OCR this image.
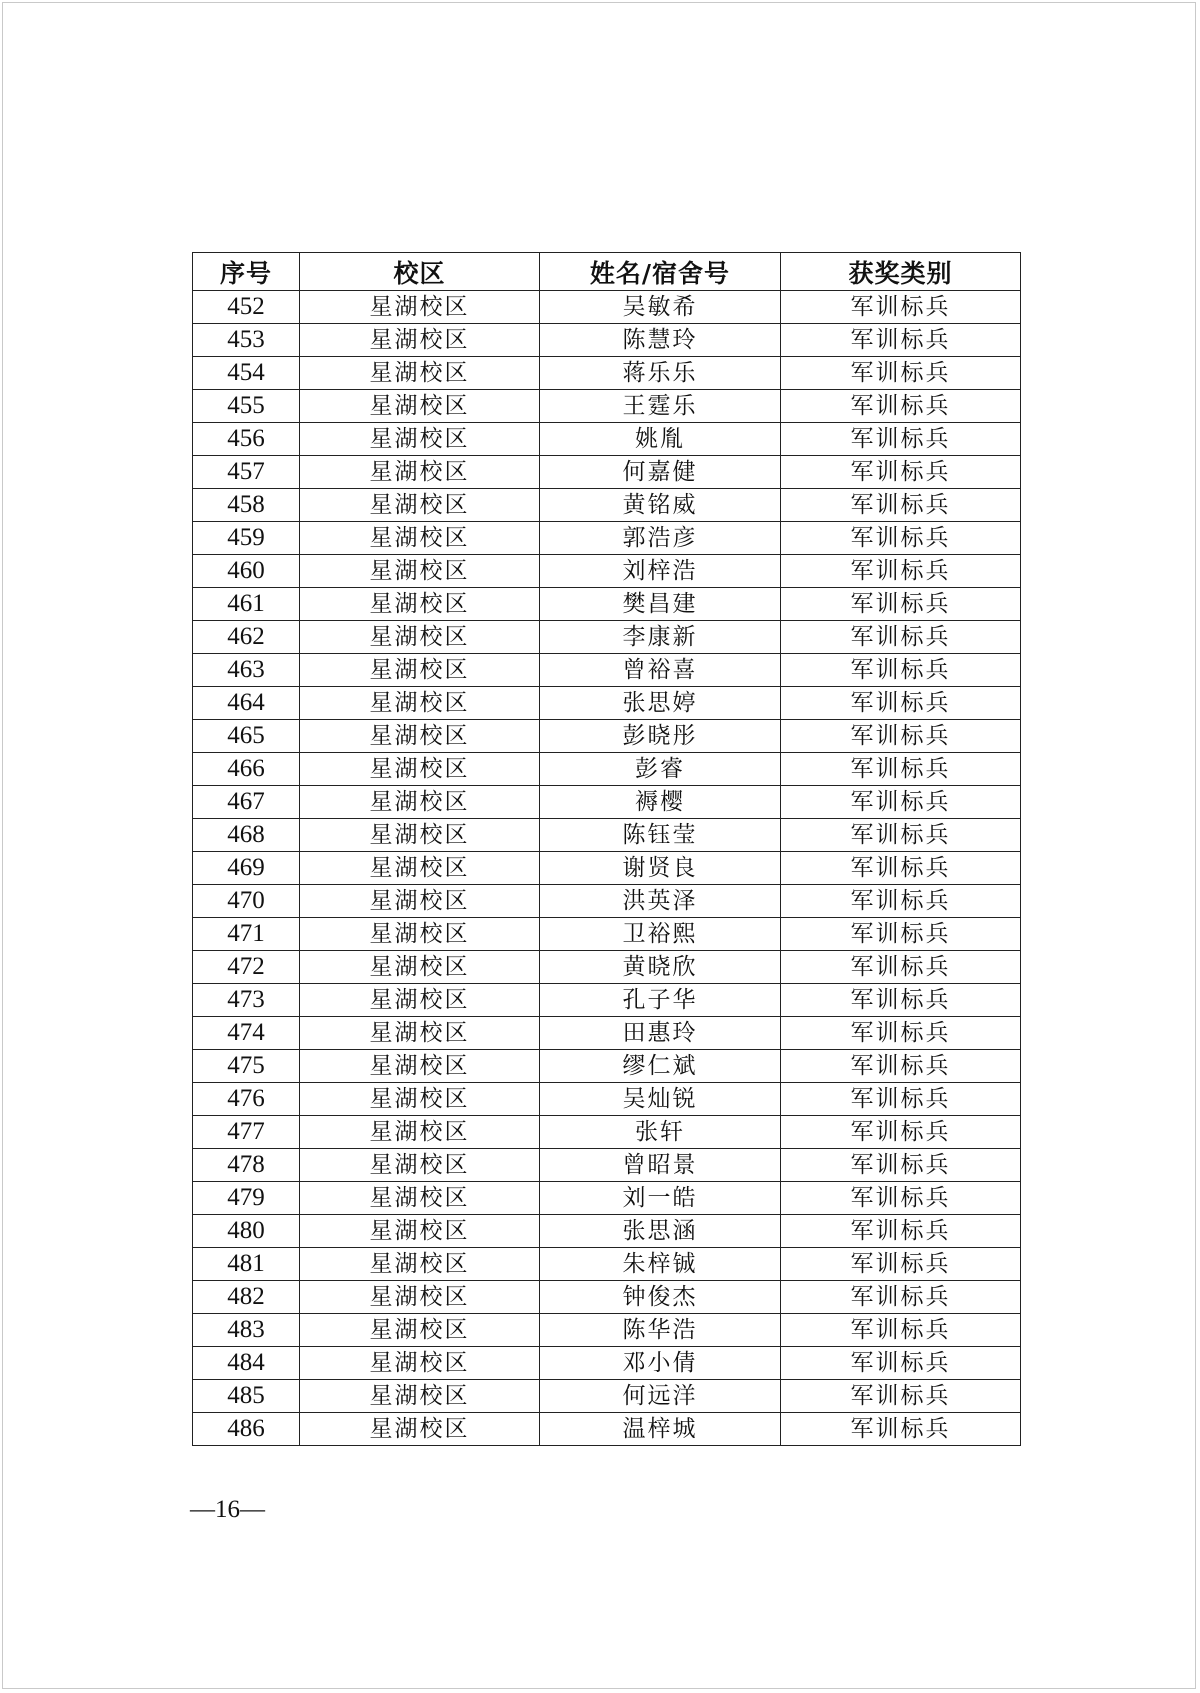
序号	校区	姓名/宿舍号	获奖类别
452	星湖校区	吴敏希	军训标兵
453	星湖校区	陈慧玲	军训标兵
454	星湖校区	蒋乐乐	军训标兵
455	星湖校区	王霆乐	军训标兵
456	星湖校区	姚胤	军训标兵
457	星湖校区	何嘉健	军训标兵
458	星湖校区	黄铭威	军训标兵
459	星湖校区	郭浩彦	军训标兵
460	星湖校区	刘梓浩	军训标兵
461	星湖校区	樊昌建	军训标兵
462	星湖校区	李康新	军训标兵
463	星湖校区	曾裕喜	军训标兵
464	星湖校区	张思婷	军训标兵
465	星湖校区	彭晓彤	军训标兵
466	星湖校区	彭睿	军训标兵
467	星湖校区	褥樱	军训标兵
468	星湖校区	陈钰莹	军训标兵
469	星湖校区	谢贤良	军训标兵
470	星湖校区	洪英泽	军训标兵
471	星湖校区	卫裕熙	军训标兵
472	星湖校区	黄晓欣	军训标兵
473	星湖校区	孔子华	军训标兵
474	星湖校区	田惠玲	军训标兵
475	星湖校区	缪仁斌	军训标兵
476	星湖校区	吴灿锐	军训标兵
477	星湖校区	张轩	军训标兵
478	星湖校区	曾昭景	军训标兵
479	星湖校区	刘一皓	军训标兵
480	星湖校区	张思涵	军训标兵
481	星湖校区	朱梓铖	军训标兵
482	星湖校区	钟俊杰	军训标兵
483	星湖校区	陈华浩	军训标兵
484	星湖校区	邓小倩	军训标兵
485	星湖校区	何远洋	军训标兵
486	星湖校区	温梓城	军训标兵
—16—
